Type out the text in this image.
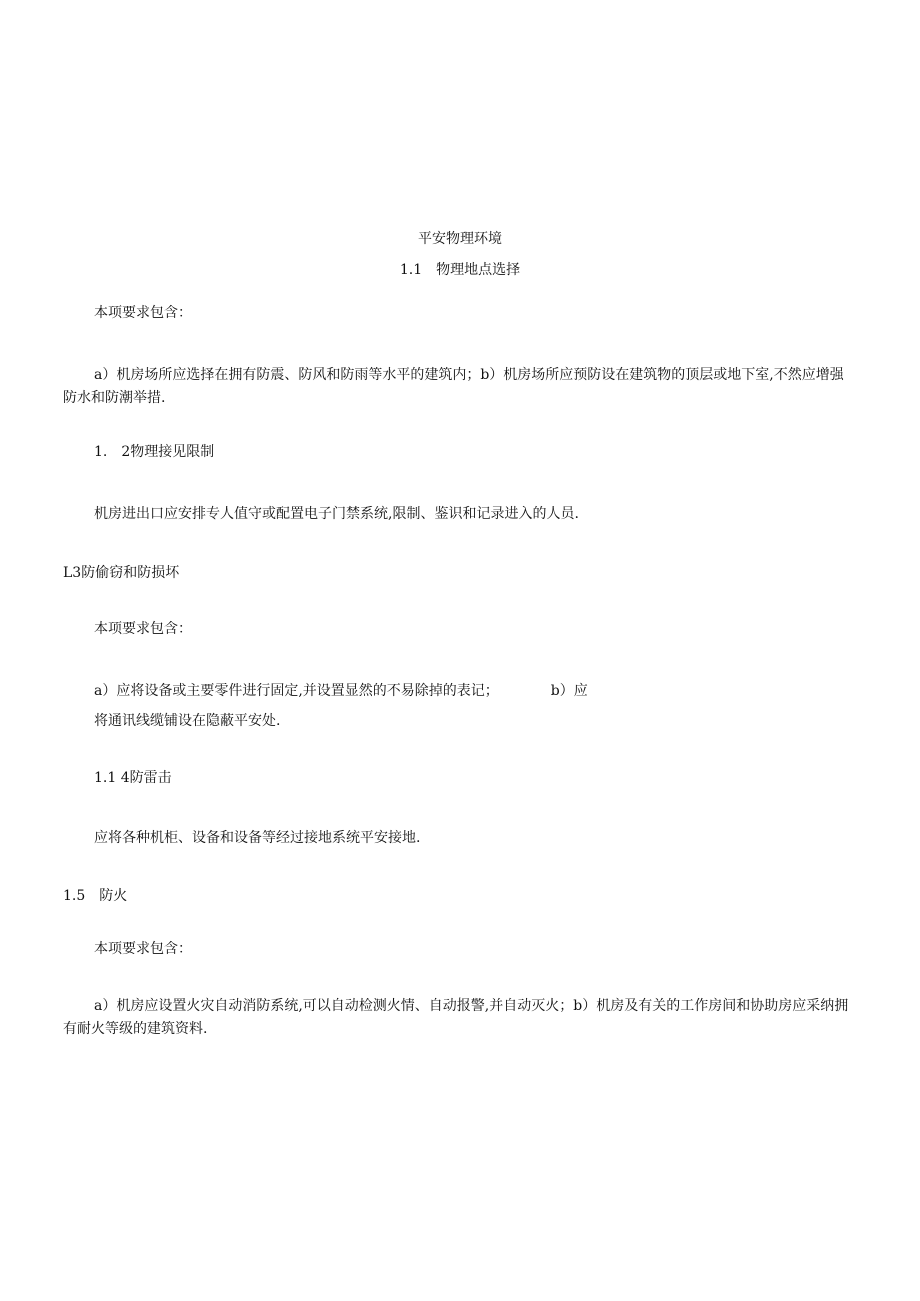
平安物理环境
1.1　物理地点选择
本项要求包含：
a）机房场所应选择在拥有防震、防风和防雨等水平的建筑内；b）机房场所应预防设在建筑物的顶层或地下室,不然应增强防水和防潮举措.
1.　2物理接见限制
机房进出口应安排专人值守或配置电子门禁系统,限制、鉴识和记录进入的人员.
L3防偷窃和防损坏
本项要求包含：
a）应将设备或主要零件进行固定,并设置显然的不易除掉的表记；	b）应
将通讯线缆铺设在隐蔽平安处.
1.1 4防雷击
应将各种机柜、设备和设备等经过接地系统平安接地.
1.5　防火
本项要求包含：
a）机房应设置火灾自动消防系统,可以自动检测火情、自动报警,并自动灭火；b）机房及有关的工作房间和协助房应采纳拥有耐火等级的建筑资料.
